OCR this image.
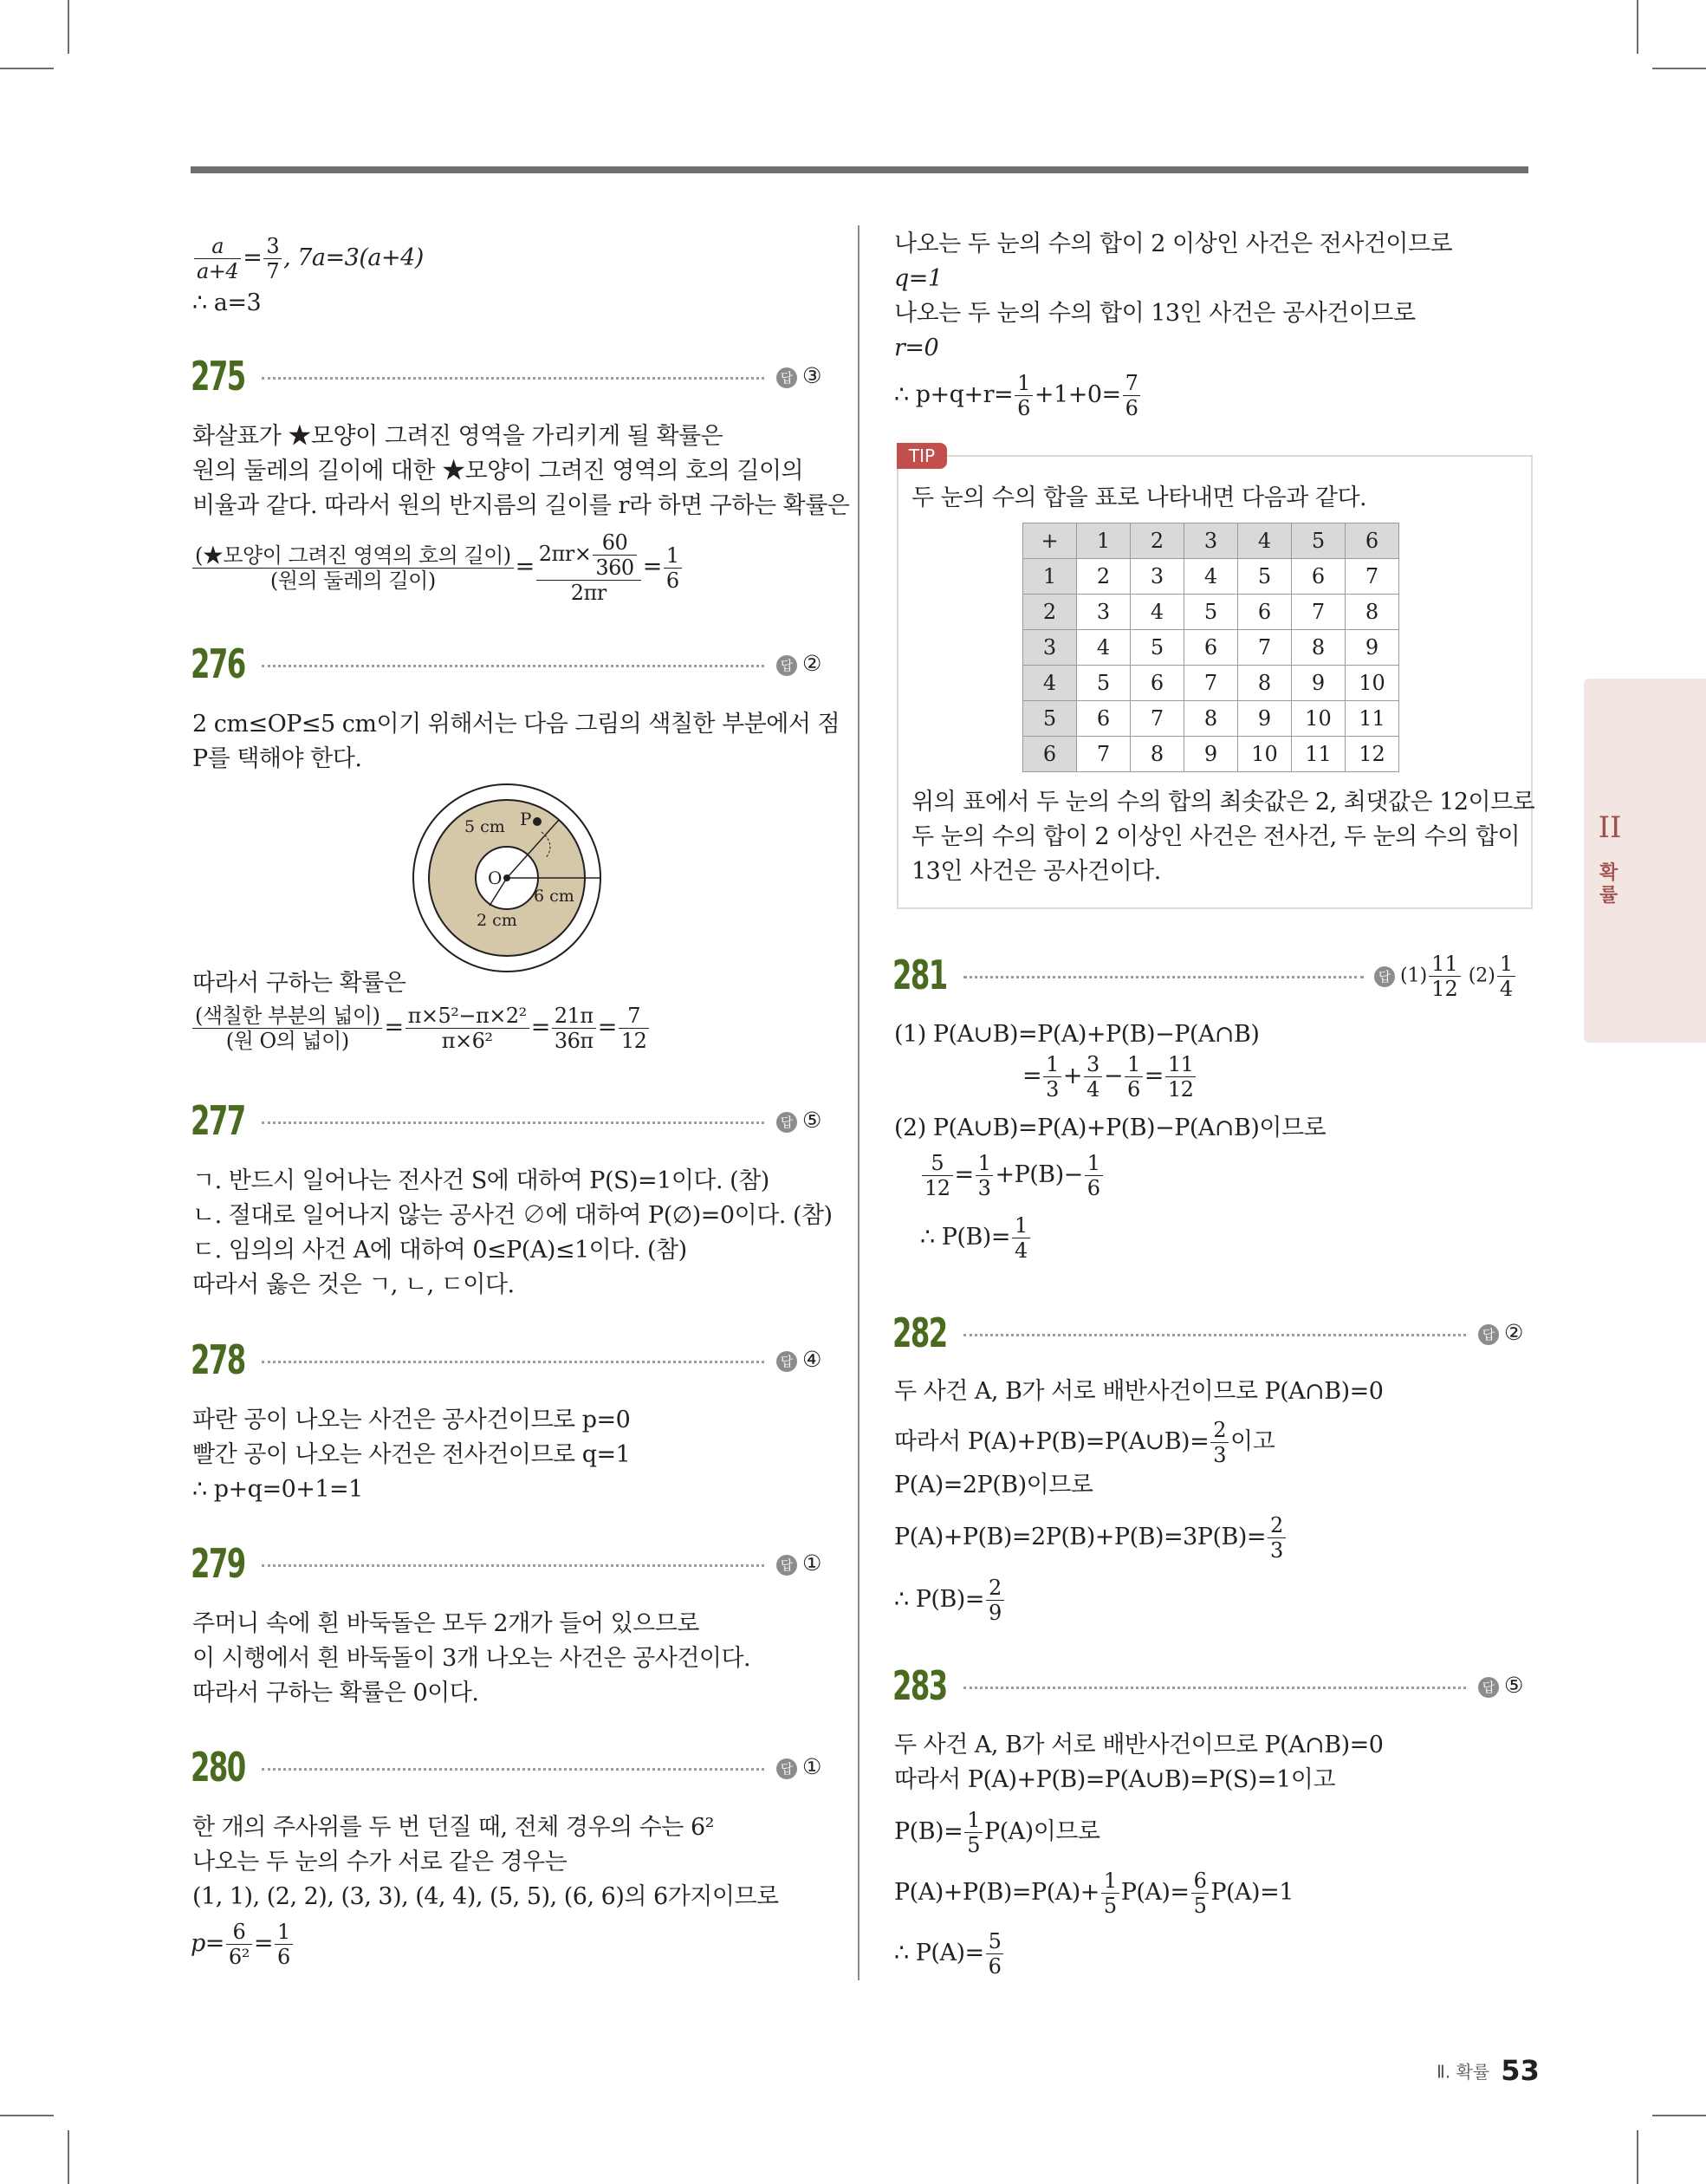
$\frac{a}{a+4} = \frac{3}{7}$ , 7a=3(a+4)
∴ a=3
275	답 ③
화살표가 ★모양이 그려진 영역을 가리키게 될 확률은
원의 둘레의 길이에 대한 ★모양이 그려진 영역의 호의 길이의
비율과 같다. 따라서 원의 반지름의 길이를 r라 하면 구하는 확률은
$\frac{\text{(★모양이 그려진 영역의 호의 길이)}}{\text{(원의 둘레의 길이)}} = \frac{2\pi r\times \frac{60}{360}}{2\pi r} = \frac{1}{6}$
276	답 ②
2 cm≤OP≤5 cm이기 위해서는 다음 그림의 색칠한 부분에서 점
P를 택해야 한다.
5 cm P
O
6 cm
2 cm
따라서 구하는 확률은
$\frac{\text{(색칠한 부분의 넓이)}}{\text{(원 O의 넓이)}} = \frac{\text{π×5²−π×2²}}{\text{π×6²}} = \frac{21\pi}{36\pi} = \frac{7}{12}$
277	답 ⑤
ㄱ. 반드시 일어나는 전사건 S에 대하여 P(S)=1이다. (참)
ㄴ. 절대로 일어나지 않는 공사건 ∅에 대하여 P(∅)=0이다. (참)
ㄷ. 임의의 사건 A에 대하여 0≤P(A)≤1이다. (참)
따라서 옳은 것은 ㄱ, ㄴ, ㄷ이다.
278	답 ④
파란 공이 나오는 사건은 공사건이므로 p=0
빨간 공이 나오는 사건은 전사건이므로 q=1
∴ p+q=0+1=1
279	답 ①
주머니 속에 흰 바둑돌은 모두 2개가 들어 있으므로
이 시행에서 흰 바둑돌이 3개 나오는 사건은 공사건이다.
따라서 구하는 확률은 0이다.
280	답 ①
한 개의 주사위를 두 번 던질 때, 전체 경우의 수는 6²
나오는 두 눈의 수가 서로 같은 경우는
(1, 1), (2, 2), (3, 3), (4, 4), (5, 5), (6, 6)의 6가지이므로
$p= \frac{6}{\text{6²}} = \frac{1}{6}$
나오는 두 눈의 수의 합이 2 이상인 사건은 전사건이므로
q=1
나오는 두 눈의 수의 합이 13인 사건은 공사건이므로
r=0
∴ $p+q+r= \frac{1}{6} +1+0= \frac{7}{6}$
TIP
두 눈의 수의 합을 표로 나타내면 다음과 같다.
+	1	2	3	4	5	6
1	2	3	4	5	6	7
2	3	4	5	6	7	8
3	4	5	6	7	8	9
4	5	6	7	8	9	10
5	6	7	8	9	10	11
6	7	8	9	10	11	12
위의 표에서 두 눈의 수의 합의 최솟값은 2, 최댓값은 12이므로
두 눈의 수의 합이 2 이상인 사건은 전사건, 두 눈의 수의 합이
13인 사건은 공사건이다.
281	답 $(1) \frac{11}{12} (2) \frac{1}{4}$
(1) P(A∪B)=P(A)+P(B)−P(A∩B)
= $\frac{1}{3} + \frac{3}{4} - \frac{1}{6} = \frac{11}{12}$
(2) P(A∪B)=P(A)+P(B)−P(A∩B)이므로
$\frac{5}{12} = \frac{1}{3} +P(B)- \frac{1}{6}$
∴ $P(B)= \frac{1}{4}$
282	답 ②
두 사건 A, B가 서로 배반사건이므로 P(A∩B)=0
따라서 P(A)+P(B)=P(A∪B)= $\frac{2}{3}$ 이고
P(A)=2P(B)이므로
$P(A)+P(B)=2P(B)+P(B)=3P(B)= \frac{2}{3}$
∴ $P(B)= \frac{2}{9}$
283	답 ⑤
두 사건 A, B가 서로 배반사건이므로 P(A∩B)=0
따라서 P(A)+P(B)=P(A∪B)=P(S)=1이고
$P(B)= \frac{1}{5} P(A)$이므로
$P(A)+P(B)=P(A)+ \frac{1}{5} P(A)= \frac{6}{5} P(A)=1$
∴ $P(A)= \frac{5}{6}$
II
확률
Ⅱ. 확률 53
